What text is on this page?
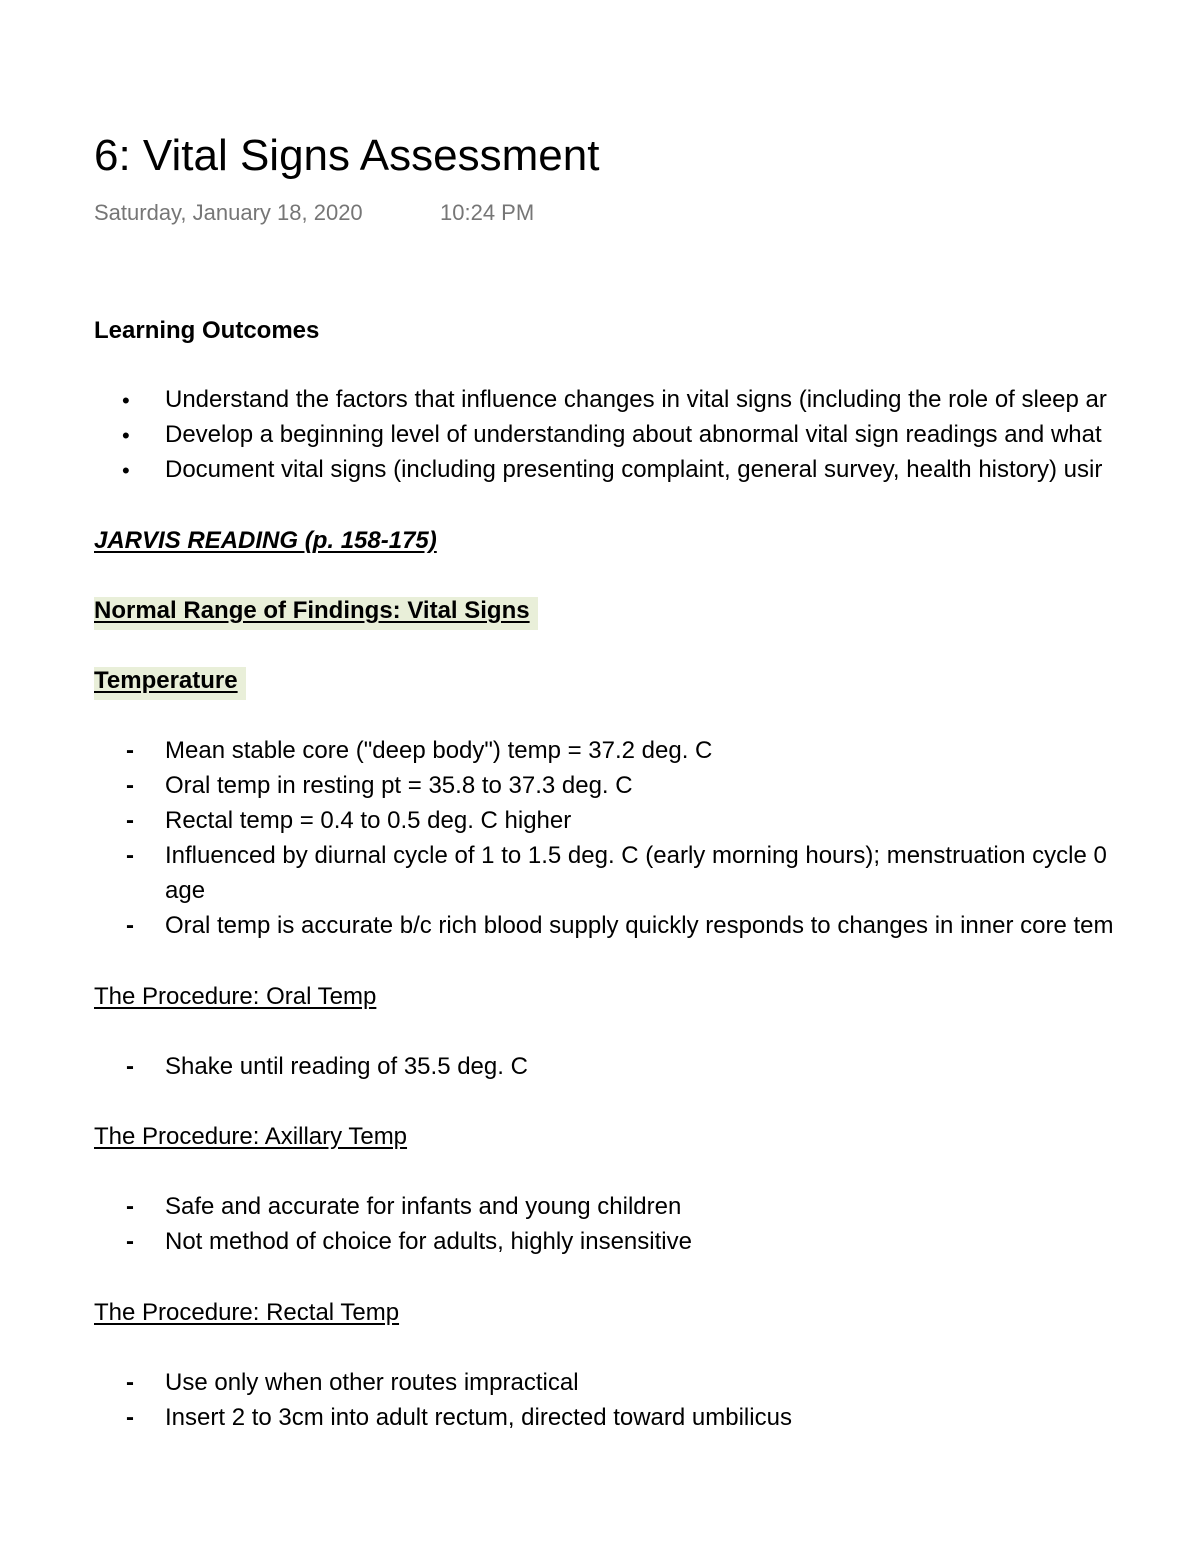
6: Vital Signs Assessment
Saturday, January 18, 2020	10:24 PM
Learning Outcomes
• Understand the factors that influence changes in vital signs (including the role of sleep ar
• Develop a beginning level of understanding about abnormal vital sign readings and what
• Document vital signs (including presenting complaint, general survey, health history) usir
JARVIS READING (p. 158-175)
Normal Range of Findings: Vital Signs
Temperature
- Mean stable core ("deep body") temp = 37.2 deg. C
- Oral temp in resting pt = 35.8 to 37.3 deg. C
- Rectal temp = 0.4 to 0.5 deg. C higher
- Influenced by diurnal cycle of 1 to 1.5 deg. C (early morning hours); menstruation cycle 0
age
- Oral temp is accurate b/c rich blood supply quickly responds to changes in inner core tem
The Procedure: Oral Temp
- Shake until reading of 35.5 deg. C
The Procedure: Axillary Temp
- Safe and accurate for infants and young children
- Not method of choice for adults, highly insensitive
The Procedure: Rectal Temp
- Use only when other routes impractical
- Insert 2 to 3cm into adult rectum, directed toward umbilicus
